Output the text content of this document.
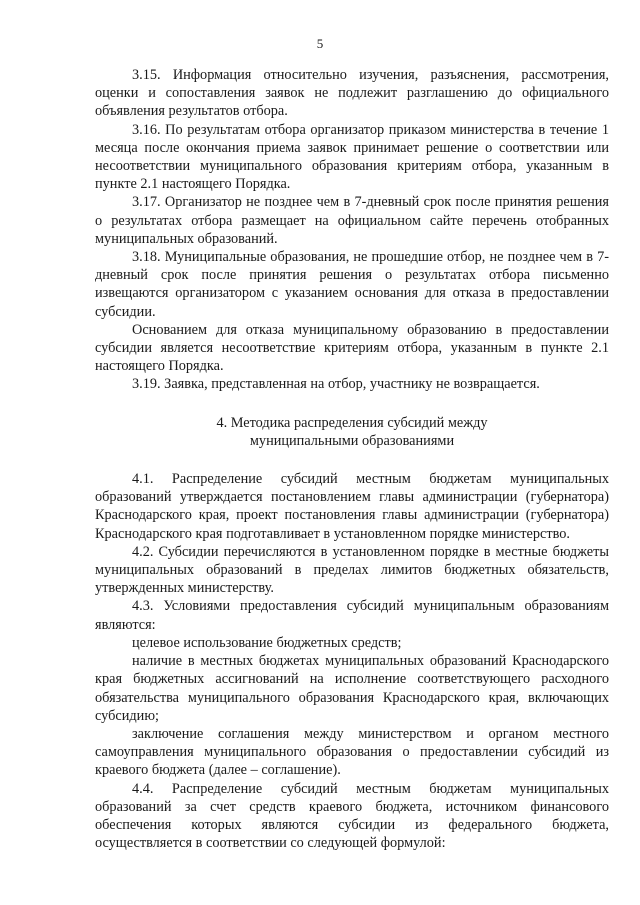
5

3.15. Информация относительно изучения, разъяснения, рассмотрения, оценки и сопоставления заявок не подлежит разглашению до официального объявления результатов отбора.

3.16. По результатам отбора организатор приказом министерства в течение 1 месяца после окончания приема заявок принимает решение о соответствии или несоответствии муниципального образования критериям отбора, указанным в пункте 2.1 настоящего Порядка.

3.17. Организатор не позднее чем в 7-дневный срок после принятия решения о результатах отбора размещает на официальном сайте перечень отобранных муниципальных образований.

3.18. Муниципальные образования, не прошедшие отбор, не позднее чем в 7-дневный срок после принятия решения о результатах отбора письменно извещаются организатором с указанием основания для отказа в предоставлении субсидии.

Основанием для отказа муниципальному образованию в предоставлении субсидии является несоответствие критериям отбора, указанным в пункте 2.1 настоящего Порядка.

3.19. Заявка, представленная на отбор, участнику не возвращается.

4. Методика распределения субсидий между
муниципальными образованиями

4.1. Распределение субсидий местным бюджетам муниципальных образований утверждается постановлением главы администрации (губернатора) Краснодарского края, проект постановления главы администрации (губернатора) Краснодарского края подготавливает в установленном порядке министерство.

4.2. Субсидии перечисляются в установленном порядке в местные бюджеты муниципальных образований в пределах лимитов бюджетных обязательств, утвержденных министерству.

4.3. Условиями предоставления субсидий муниципальным образованиям являются:

целевое использование бюджетных средств;

наличие в местных бюджетах муниципальных образований Краснодарского края бюджетных ассигнований на исполнение соответствующего расходного обязательства муниципального образования Краснодарского края, включающих субсидию;

заключение соглашения между министерством и органом местного самоуправления муниципального образования о предоставлении субсидий из краевого бюджета (далее – соглашение).

4.4. Распределение субсидий местным бюджетам муниципальных образований за счет средств краевого бюджета, источником финансового обеспечения которых являются субсидии из федерального бюджета, осуществляется в соответствии со следующей формулой:
